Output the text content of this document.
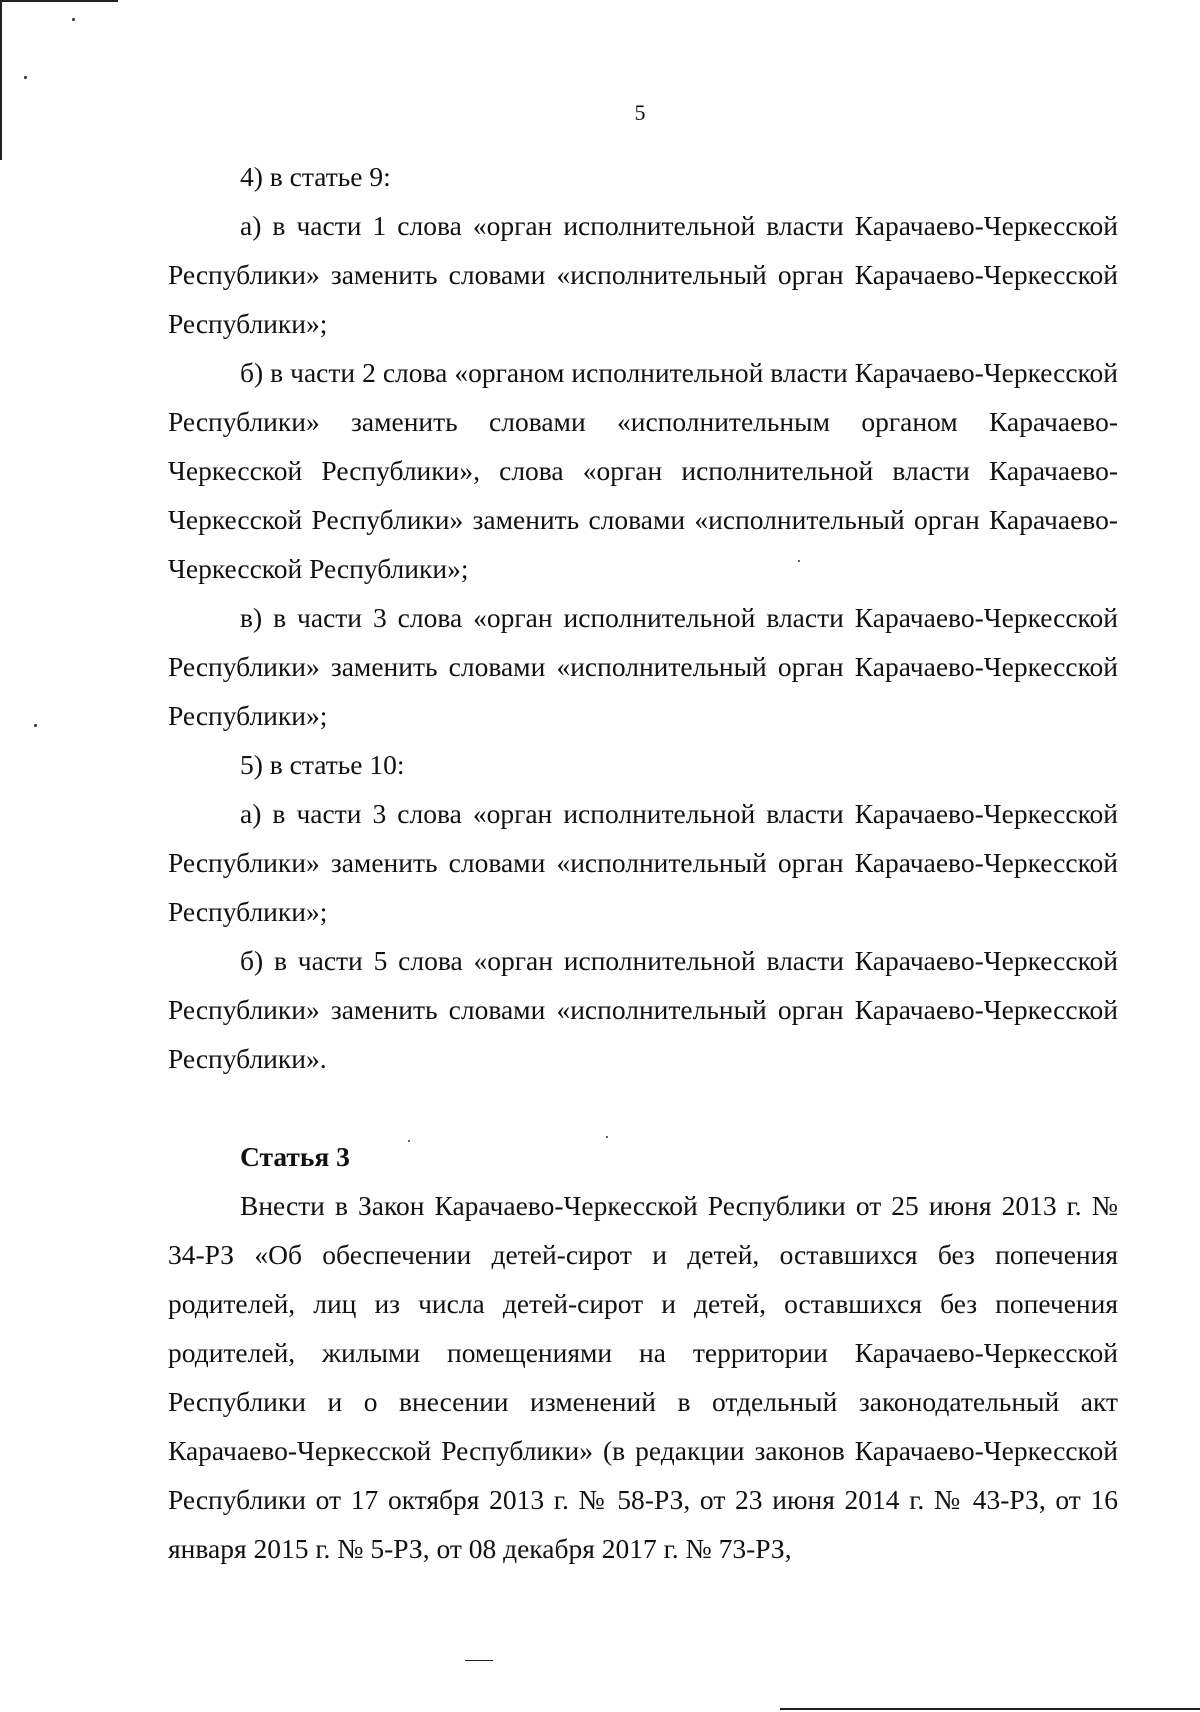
5

4) в статье 9:

а) в части 1 слова «орган исполнительной власти Карачаево-Черкесской Республики» заменить словами «исполнительный орган Карачаево-Черкесской Республики»;

б) в части 2 слова «органом исполнительной власти Карачаево-Черкесской Республики» заменить словами «исполнительным органом Карачаево-Черкесской Республики», слова «орган исполнительной власти Карачаево-Черкесской Республики» заменить словами «исполнительный орган Карачаево-Черкесской Республики»;

в) в части 3 слова «орган исполнительной власти Карачаево-Черкесской Республики» заменить словами «исполнительный орган Карачаево-Черкесской Республики»;

5) в статье 10:

а) в части 3 слова «орган исполнительной власти Карачаево-Черкесской Республики» заменить словами «исполнительный орган Карачаево-Черкесской Республики»;

б) в части 5 слова «орган исполнительной власти Карачаево-Черкесской Республики» заменить словами «исполнительный орган Карачаево-Черкесской Республики».

Статья 3

Внести в Закон Карачаево-Черкесской Республики от 25 июня 2013 г. № 34-РЗ «Об обеспечении детей-сирот и детей, оставшихся без попечения родителей, лиц из числа детей-сирот и детей, оставшихся без попечения родителей, жилыми помещениями на территории Карачаево-Черкесской Республики и о внесении изменений в отдельный законодательный акт Карачаево-Черкесской Республики» (в редакции законов Карачаево-Черкесской Республики от 17 октября 2013 г. № 58-РЗ, от 23 июня 2014 г. № 43-РЗ, от 16 января 2015 г. № 5-РЗ, от 08 декабря 2017 г. № 73-РЗ,
